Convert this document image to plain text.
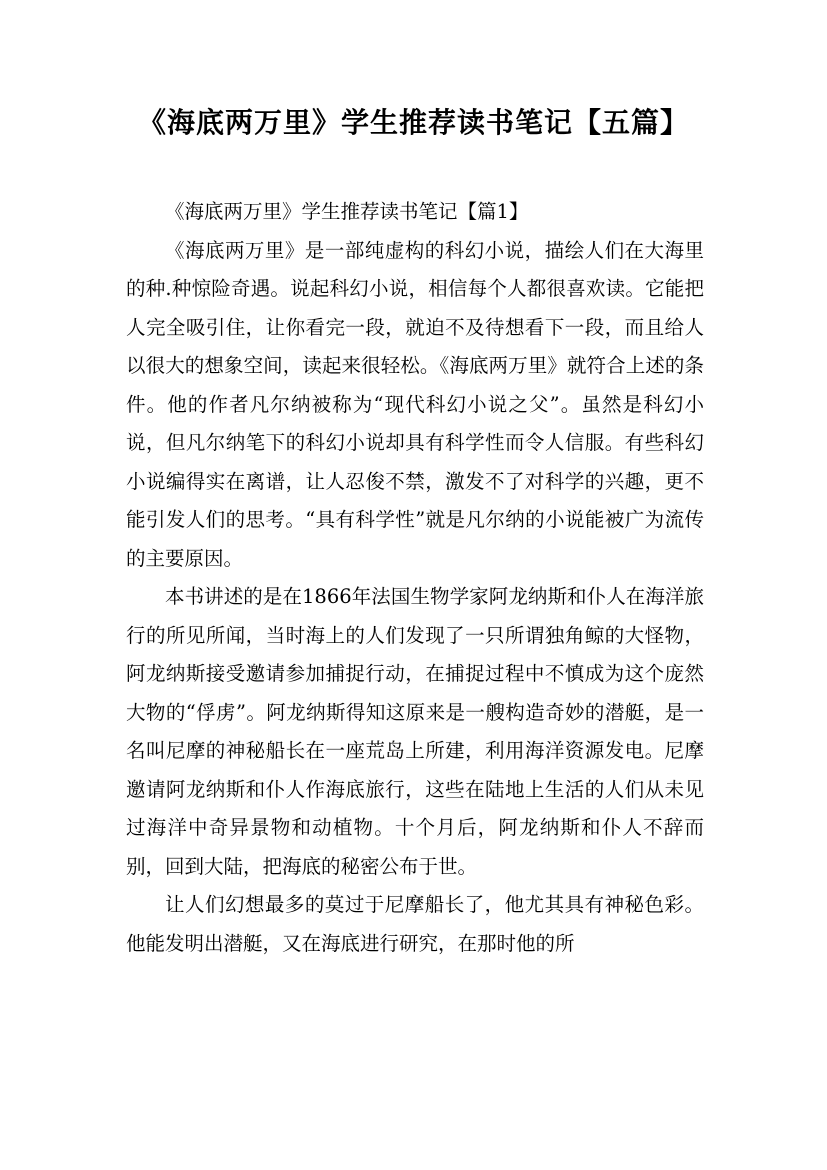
《海底两万里》学生推荐读书笔记【五篇】

《海底两万里》学生推荐读书笔记【篇1】

《海底两万里》是一部纯虚构的科幻小说，描绘人们在大海里的种.种惊险奇遇。说起科幻小说，相信每个人都很喜欢读。它能把人完全吸引住，让你看完一段，就迫不及待想看下一段，而且给人以很大的想象空间，读起来很轻松。《海底两万里》就符合上述的条件。他的作者凡尔纳被称为“现代科幻小说之父”。虽然是科幻小说，但凡尔纳笔下的科幻小说却具有科学性而令人信服。有些科幻小说编得实在离谱，让人忍俊不禁，激发不了对科学的兴趣，更不能引发人们的思考。“具有科学性”就是凡尔纳的小说能被广为流传的主要原因。

本书讲述的是在1866年法国生物学家阿龙纳斯和仆人在海洋旅行的所见所闻，当时海上的人们发现了一只所谓独角鲸的大怪物，阿龙纳斯接受邀请参加捕捉行动，在捕捉过程中不慎成为这个庞然大物的“俘虏”。阿龙纳斯得知这原来是一艘构造奇妙的潜艇，是一名叫尼摩的神秘船长在一座荒岛上所建，利用海洋资源发电。尼摩邀请阿龙纳斯和仆人作海底旅行，这些在陆地上生活的人们从未见过海洋中奇异景物和动植物。十个月后，阿龙纳斯和仆人不辞而别，回到大陆，把海底的秘密公布于世。

让人们幻想最多的莫过于尼摩船长了，他尤其具有神秘色彩。他能发明出潜艇，又在海底进行研究，在那时他的所
